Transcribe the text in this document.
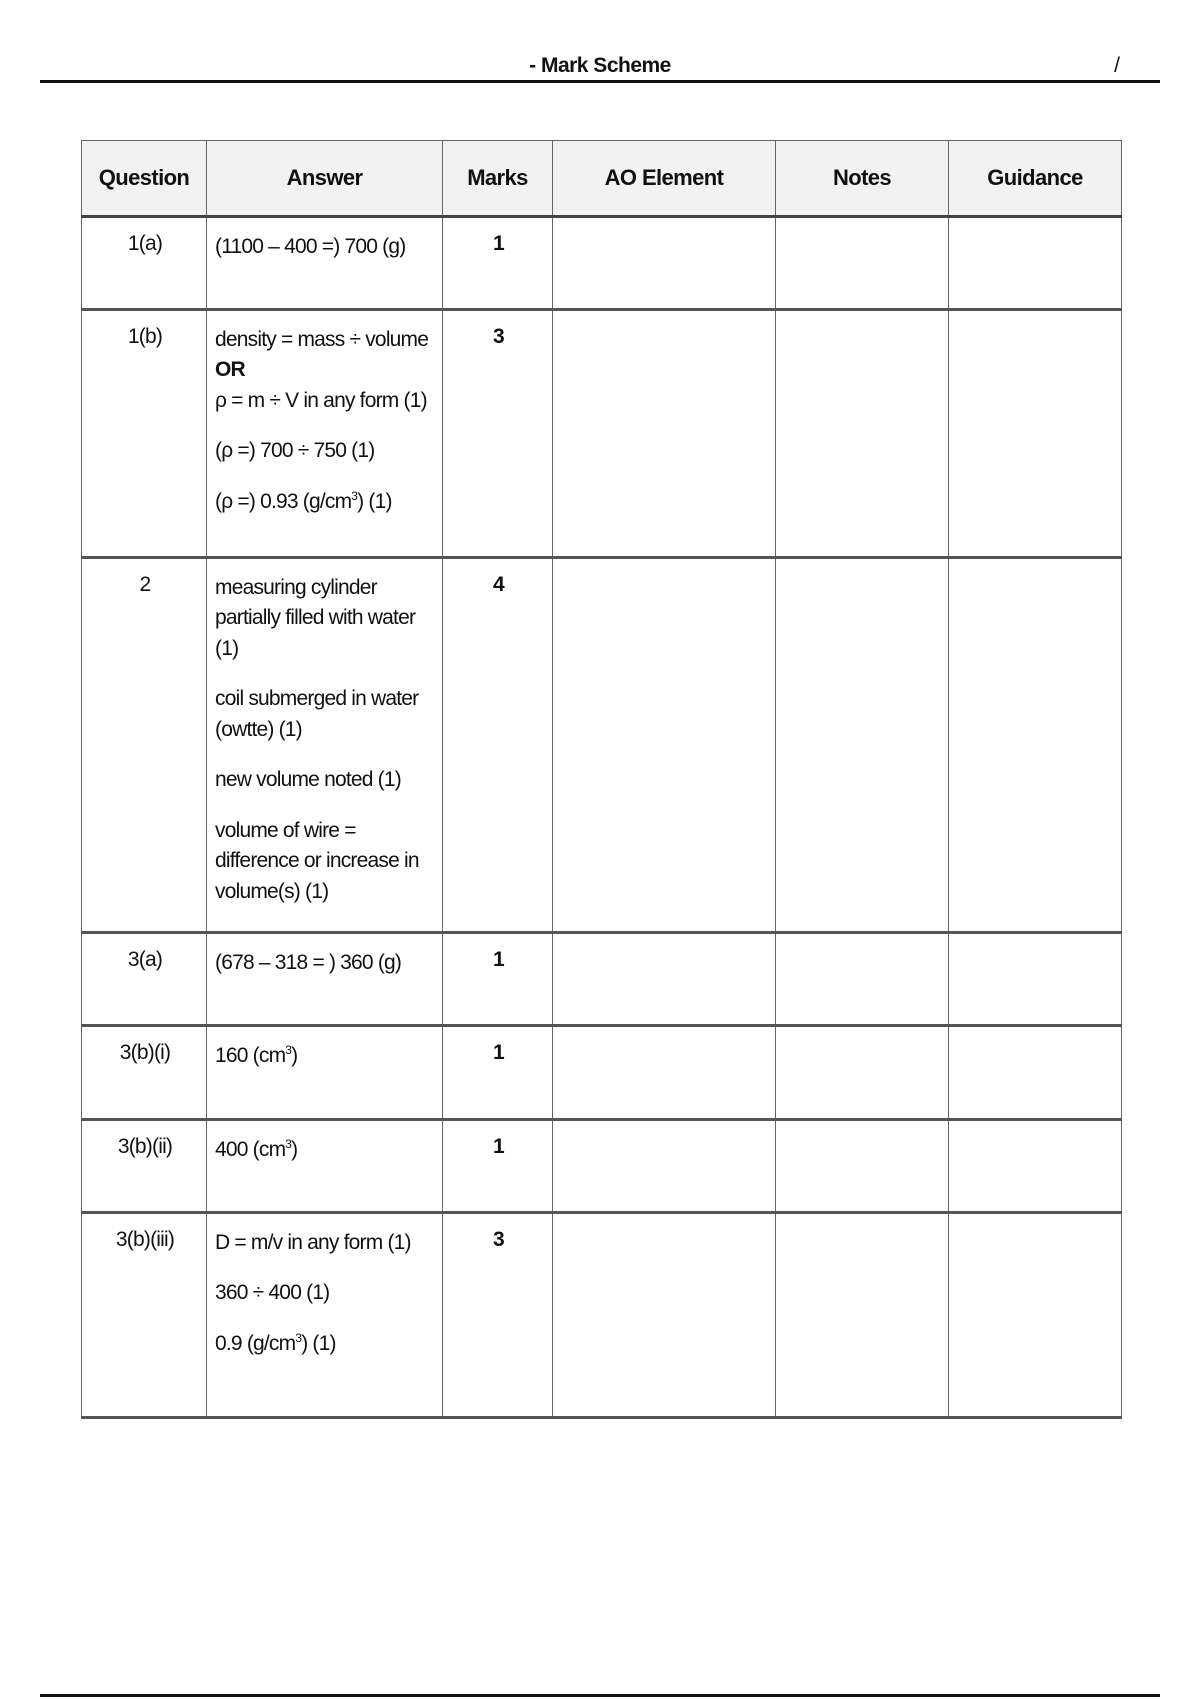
- Mark Scheme	/
Question	Answer	Marks	AO Element	Notes	Guidance
1(a)	(1100 – 400 =) 700 (g)	1			
1(b)	density = mass ÷ volume OR
ρ = m ÷ V in any form (1)
(ρ =) 700 ÷ 750 (1)
(ρ =) 0.93 $(g/cm^3)$ (1)	3			
2	measuring cylinder partially filled with water (1)
coil submerged in water (owtte) (1)
new volume noted (1)
volume of wire = difference or increase in volume(s) (1)	4			
3(a)	(678 – 318 = ) 360 (g)	1			
3(b)(i)	160 $(cm^3)$	1			
3(b)(ii)	400 $(cm^3)$	1			
3(b)(iii)	D = m/v in any form (1)
360 ÷ 400 (1)
0.9 $(g/cm^3)$ (1)	3			
